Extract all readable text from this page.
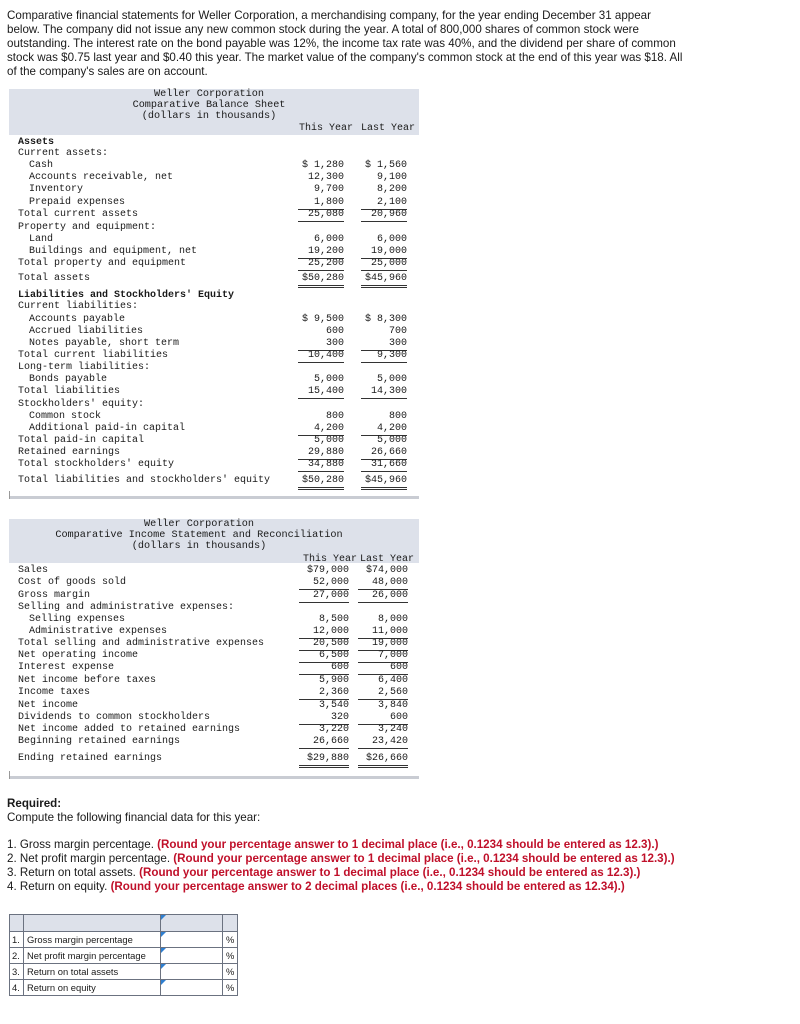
Comparative financial statements for Weller Corporation, a merchandising company, for the year ending December 31 appear below. The company did not issue any new common stock during the year. A total of 800,000 shares of common stock were outstanding. The interest rate on the bond payable was 12%, the income tax rate was 40%, and the dividend per share of common stock was $0.75 last year and $0.40 this year. The market value of the company's common stock at the end of this year was $18. All of the company's sales are on account.

Weller Corporation
Comparative Balance Sheet
(dollars in thousands)
This Year Last Year
Assets
Current assets:
Cash	$ 1,280	$ 1,560
Accounts receivable, net	12,300	9,100
Inventory	9,700	8,200
Prepaid expenses	1,800	2,100
Total current assets	25,080	20,960
Property and equipment:
Land	6,000	6,000
Buildings and equipment, net	19,200	19,000
Total property and equipment	25,200	25,000
Total assets	$50,280	$45,960
Liabilities and Stockholders' Equity
Current liabilities:
Accounts payable	$ 9,500	$ 8,300
Accrued liabilities	600	700
Notes payable, short term	300	300
Total current liabilities	10,400	9,300
Long-term liabilities:
Bonds payable	5,000	5,000
Total liabilities	15,400	14,300
Stockholders' equity:
Common stock	800	800
Additional paid-in capital	4,200	4,200
Total paid-in capital	5,000	5,000
Retained earnings	29,880	26,660
Total stockholders' equity	34,880	31,660
Total liabilities and stockholders' equity	$50,280	$45,960
Weller Corporation
Comparative Income Statement and Reconciliation
(dollars in thousands)
This Year Last Year
Sales	$79,000	$74,000
Cost of goods sold	52,000	48,000
Gross margin	27,000	26,000
Selling and administrative expenses:
Selling expenses	8,500	8,000
Administrative expenses	12,000	11,000
Total selling and administrative expenses	20,500	19,000
Net operating income	6,500	7,000
Interest expense	600	600
Net income before taxes	5,900	6,400
Income taxes	2,360	2,560
Net income	3,540	3,840
Dividends to common stockholders	320	600
Net income added to retained earnings	3,220	3,240
Beginning retained earnings	26,660	23,420
Ending retained earnings	$29,880	$26,660
Required:
Compute the following financial data for this year:
1. Gross margin percentage. (Round your percentage answer to 1 decimal place (i.e., 0.1234 should be entered as 12.3).)
2. Net profit margin percentage. (Round your percentage answer to 1 decimal place (i.e., 0.1234 should be entered as 12.3).)
3. Return on total assets. (Round your percentage answer to 1 decimal place (i.e., 0.1234 should be entered as 12.3).)
4. Return on equity. (Round your percentage answer to 2 decimal places (i.e., 0.1234 should be entered as 12.34).)

1.	Gross margin percentage		%
2.	Net profit margin percentage		%
3.	Return on total assets		%
4.	Return on equity		%
